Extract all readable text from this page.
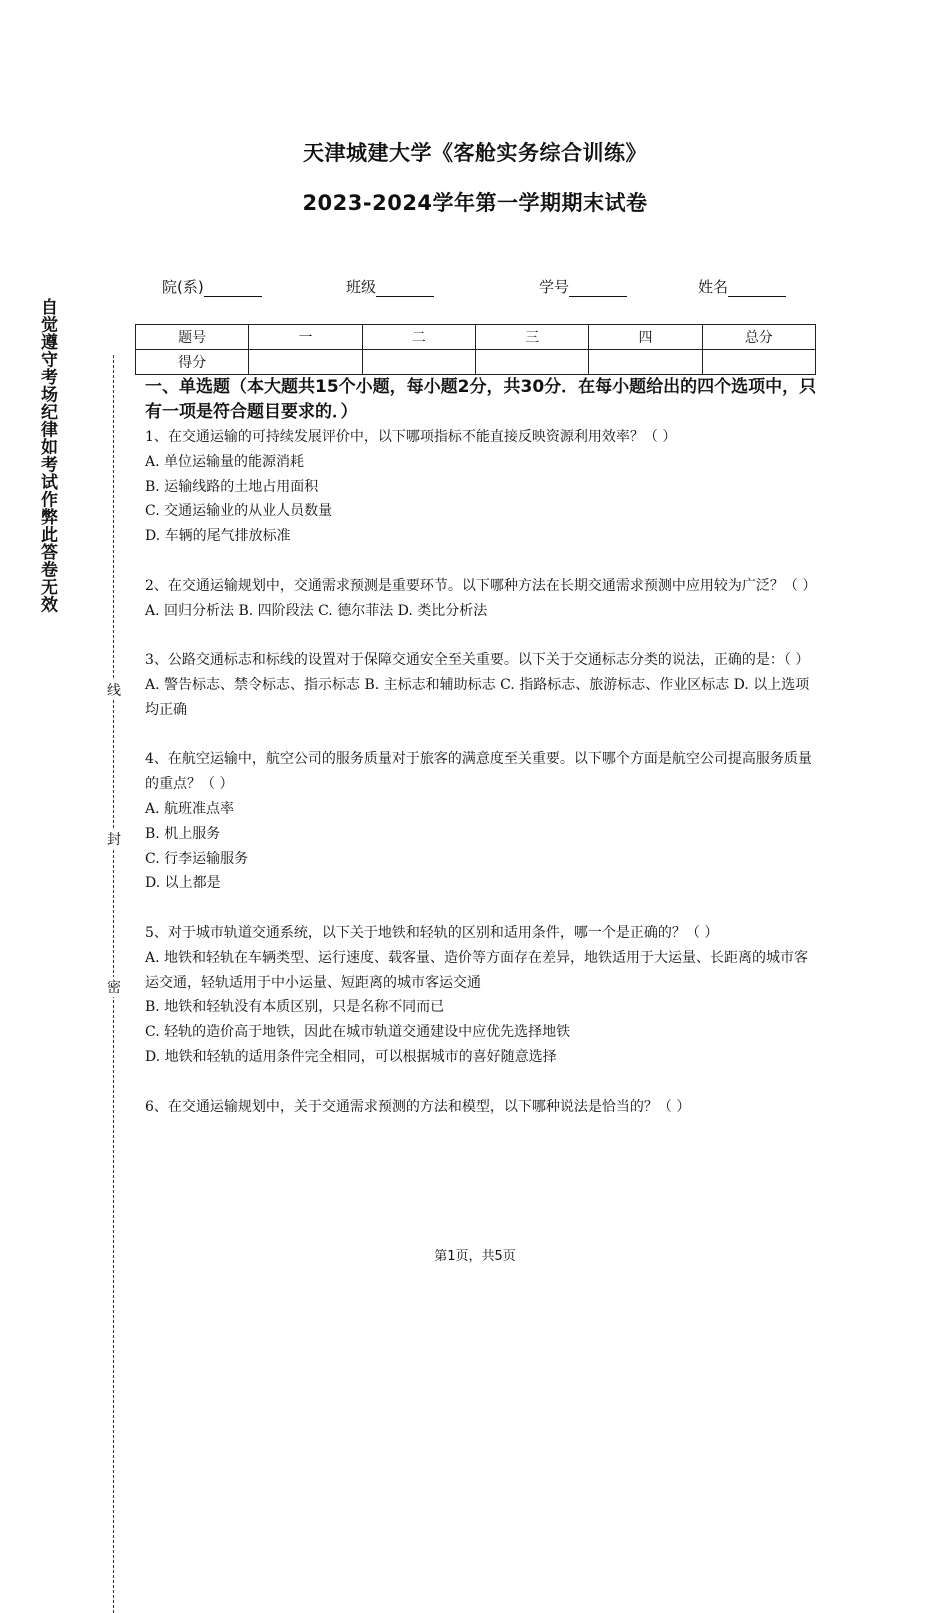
天津城建大学《客舱实务综合训练》
2023-2024学年第一学期期末试卷
院(系)	班级	学号	姓名
题号	一	二	三	四	总分
得分					
自觉遵守考场纪律如考试作弊此答卷无效
线
封
密
一、单选题（本大题共15个小题，每小题2分，共30分．在每小题给出的四个选项中，只有一项是符合题目要求的．）

1、在交通运输的可持续发展评价中，以下哪项指标不能直接反映资源利用效率？（ ）

A. 单位运输量的能源消耗

B. 运输线路的土地占用面积

C. 交通运输业的从业人员数量

D. 车辆的尾气排放标准

2、在交通运输规划中，交通需求预测是重要环节。以下哪种方法在长期交通需求预测中应用较为广泛？（ ）

A. 回归分析法 B. 四阶段法 C. 德尔菲法 D. 类比分析法

3、公路交通标志和标线的设置对于保障交通安全至关重要。以下关于交通标志分类的说法，正确的是：（ ）

A. 警告标志、禁令标志、指示标志 B. 主标志和辅助标志 C. 指路标志、旅游标志、作业区标志 D. 以上选项均正确

4、在航空运输中，航空公司的服务质量对于旅客的满意度至关重要。以下哪个方面是航空公司提高服务质量的重点？（ ）

A. 航班准点率

B. 机上服务

C. 行李运输服务

D. 以上都是

5、对于城市轨道交通系统，以下关于地铁和轻轨的区别和适用条件，哪一个是正确的？（ ）

A. 地铁和轻轨在车辆类型、运行速度、载客量、造价等方面存在差异，地铁适用于大运量、长距离的城市客运交通，轻轨适用于中小运量、短距离的城市客运交通

B. 地铁和轻轨没有本质区别，只是名称不同而已

C. 轻轨的造价高于地铁，因此在城市轨道交通建设中应优先选择地铁

D. 地铁和轻轨的适用条件完全相同，可以根据城市的喜好随意选择

6、在交通运输规划中，关于交通需求预测的方法和模型，以下哪种说法是恰当的？（ ）

第1页，共5页
